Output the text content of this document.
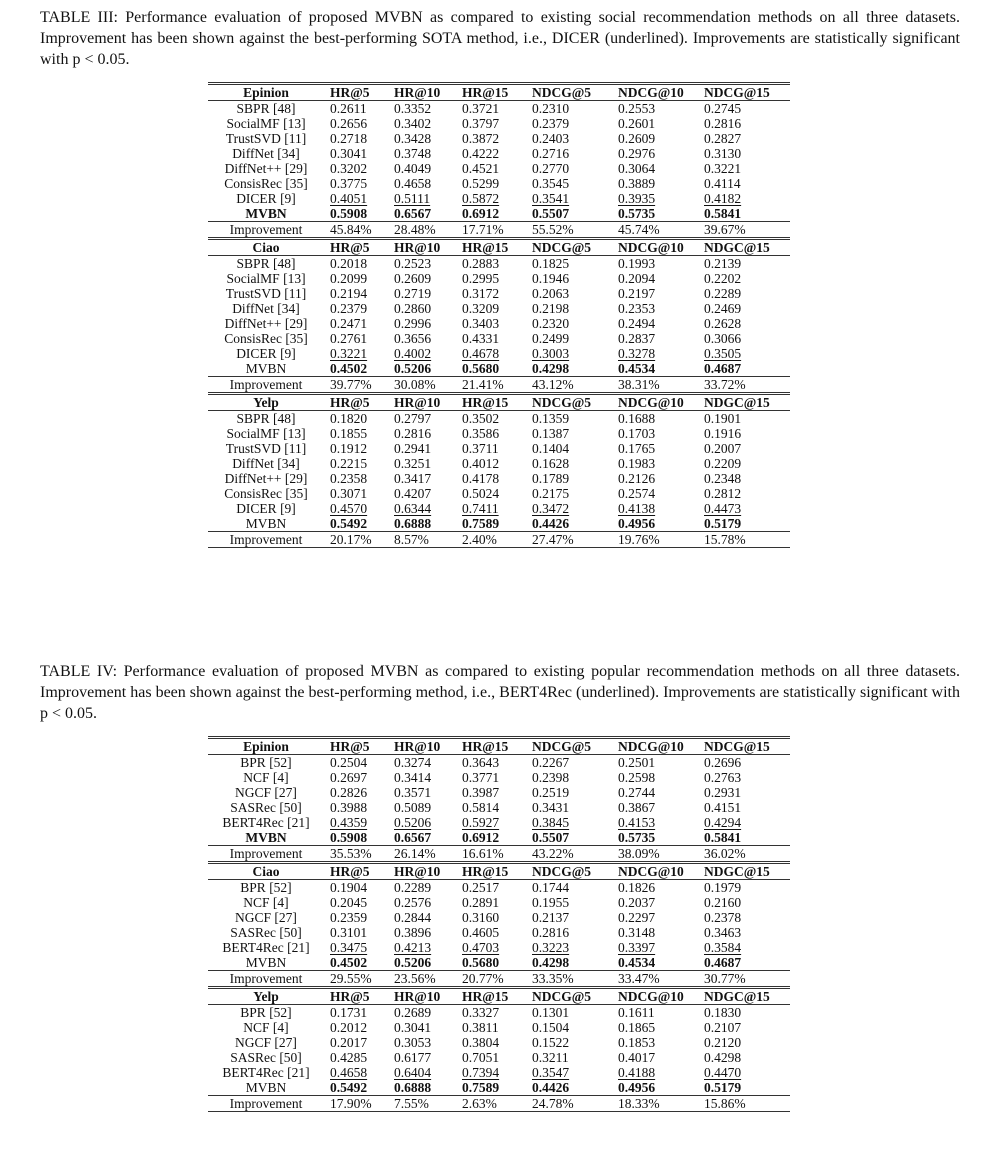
TABLE III: Performance evaluation of proposed MVBN as compared to existing social recommendation methods on all three datasets. Improvement has been shown against the best-performing SOTA method, i.e., DICER (underlined). Improvements are statistically significant with p < 0.05.

Epinion	HR@5	HR@10	HR@15	NDCG@5	NDCG@10	NDCG@15
SBPR [48]	0.2611	0.3352	0.3721	0.2310	0.2553	0.2745
SocialMF [13]	0.2656	0.3402	0.3797	0.2379	0.2601	0.2816
TrustSVD [11]	0.2718	0.3428	0.3872	0.2403	0.2609	0.2827
DiffNet [34]	0.3041	0.3748	0.4222	0.2716	0.2976	0.3130
DiffNet++ [29]	0.3202	0.4049	0.4521	0.2770	0.3064	0.3221
ConsisRec [35]	0.3775	0.4658	0.5299	0.3545	0.3889	0.4114
DICER [9]	0.4051	0.5111	0.5872	0.3541	0.3935	0.4182
MVBN	0.5908	0.6567	0.6912	0.5507	0.5735	0.5841
Improvement	45.84%	28.48%	17.71%	55.52%	45.74%	39.67%
Ciao	HR@5	HR@10	HR@15	NDCG@5	NDCG@10	NDGC@15
SBPR [48]	0.2018	0.2523	0.2883	0.1825	0.1993	0.2139
SocialMF [13]	0.2099	0.2609	0.2995	0.1946	0.2094	0.2202
TrustSVD [11]	0.2194	0.2719	0.3172	0.2063	0.2197	0.2289
DiffNet [34]	0.2379	0.2860	0.3209	0.2198	0.2353	0.2469
DiffNet++ [29]	0.2471	0.2996	0.3403	0.2320	0.2494	0.2628
ConsisRec [35]	0.2761	0.3656	0.4331	0.2499	0.2837	0.3066
DICER [9]	0.3221	0.4002	0.4678	0.3003	0.3278	0.3505
MVBN	0.4502	0.5206	0.5680	0.4298	0.4534	0.4687
Improvement	39.77%	30.08%	21.41%	43.12%	38.31%	33.72%
Yelp	HR@5	HR@10	HR@15	NDCG@5	NDCG@10	NDGC@15
SBPR [48]	0.1820	0.2797	0.3502	0.1359	0.1688	0.1901
SocialMF [13]	0.1855	0.2816	0.3586	0.1387	0.1703	0.1916
TrustSVD [11]	0.1912	0.2941	0.3711	0.1404	0.1765	0.2007
DiffNet [34]	0.2215	0.3251	0.4012	0.1628	0.1983	0.2209
DiffNet++ [29]	0.2358	0.3417	0.4178	0.1789	0.2126	0.2348
ConsisRec [35]	0.3071	0.4207	0.5024	0.2175	0.2574	0.2812
DICER [9]	0.4570	0.6344	0.7411	0.3472	0.4138	0.4473
MVBN	0.5492	0.6888	0.7589	0.4426	0.4956	0.5179
Improvement	20.17%	8.57%	2.40%	27.47%	19.76%	15.78%

TABLE IV: Performance evaluation of proposed MVBN as compared to existing popular recommendation methods on all three datasets. Improvement has been shown against the best-performing method, i.e., BERT4Rec (underlined). Improvements are statistically significant with p < 0.05.

Epinion	HR@5	HR@10	HR@15	NDCG@5	NDCG@10	NDCG@15
BPR [52]	0.2504	0.3274	0.3643	0.2267	0.2501	0.2696
NCF [4]	0.2697	0.3414	0.3771	0.2398	0.2598	0.2763
NGCF [27]	0.2826	0.3571	0.3987	0.2519	0.2744	0.2931
SASRec [50]	0.3988	0.5089	0.5814	0.3431	0.3867	0.4151
BERT4Rec [21]	0.4359	0.5206	0.5927	0.3845	0.4153	0.4294
MVBN	0.5908	0.6567	0.6912	0.5507	0.5735	0.5841
Improvement	35.53%	26.14%	16.61%	43.22%	38.09%	36.02%
Ciao	HR@5	HR@10	HR@15	NDCG@5	NDCG@10	NDGC@15
BPR [52]	0.1904	0.2289	0.2517	0.1744	0.1826	0.1979
NCF [4]	0.2045	0.2576	0.2891	0.1955	0.2037	0.2160
NGCF [27]	0.2359	0.2844	0.3160	0.2137	0.2297	0.2378
SASRec [50]	0.3101	0.3896	0.4605	0.2816	0.3148	0.3463
BERT4Rec [21]	0.3475	0.4213	0.4703	0.3223	0.3397	0.3584
MVBN	0.4502	0.5206	0.5680	0.4298	0.4534	0.4687
Improvement	29.55%	23.56%	20.77%	33.35%	33.47%	30.77%
Yelp	HR@5	HR@10	HR@15	NDCG@5	NDCG@10	NDGC@15
BPR [52]	0.1731	0.2689	0.3327	0.1301	0.1611	0.1830
NCF [4]	0.2012	0.3041	0.3811	0.1504	0.1865	0.2107
NGCF [27]	0.2017	0.3053	0.3804	0.1522	0.1853	0.2120
SASRec [50]	0.4285	0.6177	0.7051	0.3211	0.4017	0.4298
BERT4Rec [21]	0.4658	0.6404	0.7394	0.3547	0.4188	0.4470
MVBN	0.5492	0.6888	0.7589	0.4426	0.4956	0.5179
Improvement	17.90%	7.55%	2.63%	24.78%	18.33%	15.86%
